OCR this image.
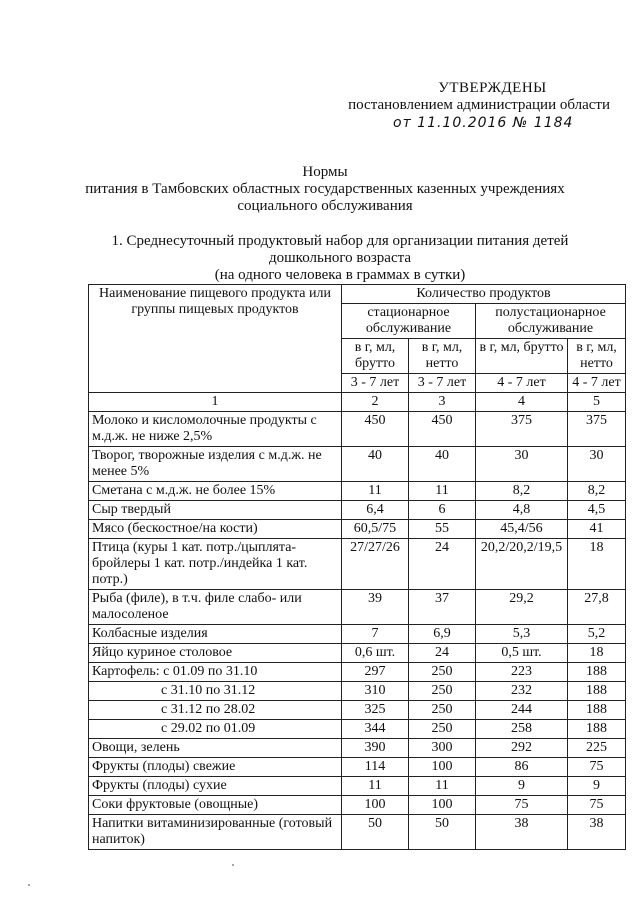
УТВЕРЖДЕНЫ
постановлением администрации области
от 11.10.2016 № 1184
Нормы
питания в Тамбовских областных государственных казенных учреждениях
социального обслуживания
1. Среднесуточный продуктовый набор для организации питания детей
дошкольного возраста
(на одного человека в граммах в сутки)
Наименование пищевого продукта или группы пищевых продуктов	Количество продуктов			
	стационарное обслуживание		полустационарное обслуживание	
	в г, мл, брутто	в г, мл, нетто	в г, мл, брутто	в г, мл, нетто
	3 - 7 лет	3 - 7 лет	4 - 7 лет	4 - 7 лет
1	2	3	4	5
Молоко и кисломолочные продукты с м.д.ж. не ниже 2,5%	450	450	375	375
Творог, творожные изделия с м.д.ж. не менее 5%	40	40	30	30
Сметана с м.д.ж. не более 15%	11	11	8,2	8,2
Сыр твердый	6,4	6	4,8	4,5
Мясо (бескостное/на кости)	60,5/75	55	45,4/56	41
Птица (куры 1 кат. потр./цыплята-бройлеры 1 кат. потр./индейка 1 кат. потр.)	27/27/26	24	20,2/20,2/19,5	18
Рыба (филе), в т.ч. филе слабо- или малосоленое	39	37	29,2	27,8
Колбасные изделия	7	6,9	5,3	5,2
Яйцо куриное столовое	0,6 шт.	24	0,5 шт.	18
Картофель: с 01.09 по 31.10	297	250	223	188
с 31.10 по 31.12	310	250	232	188
с 31.12 по 28.02	325	250	244	188
с 29.02 по 01.09	344	250	258	188
Овощи, зелень	390	300	292	225
Фрукты (плоды) свежие	114	100	86	75
Фрукты (плоды) сухие	11	11	9	9
Соки фруктовые (овощные)	100	100	75	75
Напитки витаминизированные (готовый напиток)	50	50	38	38
